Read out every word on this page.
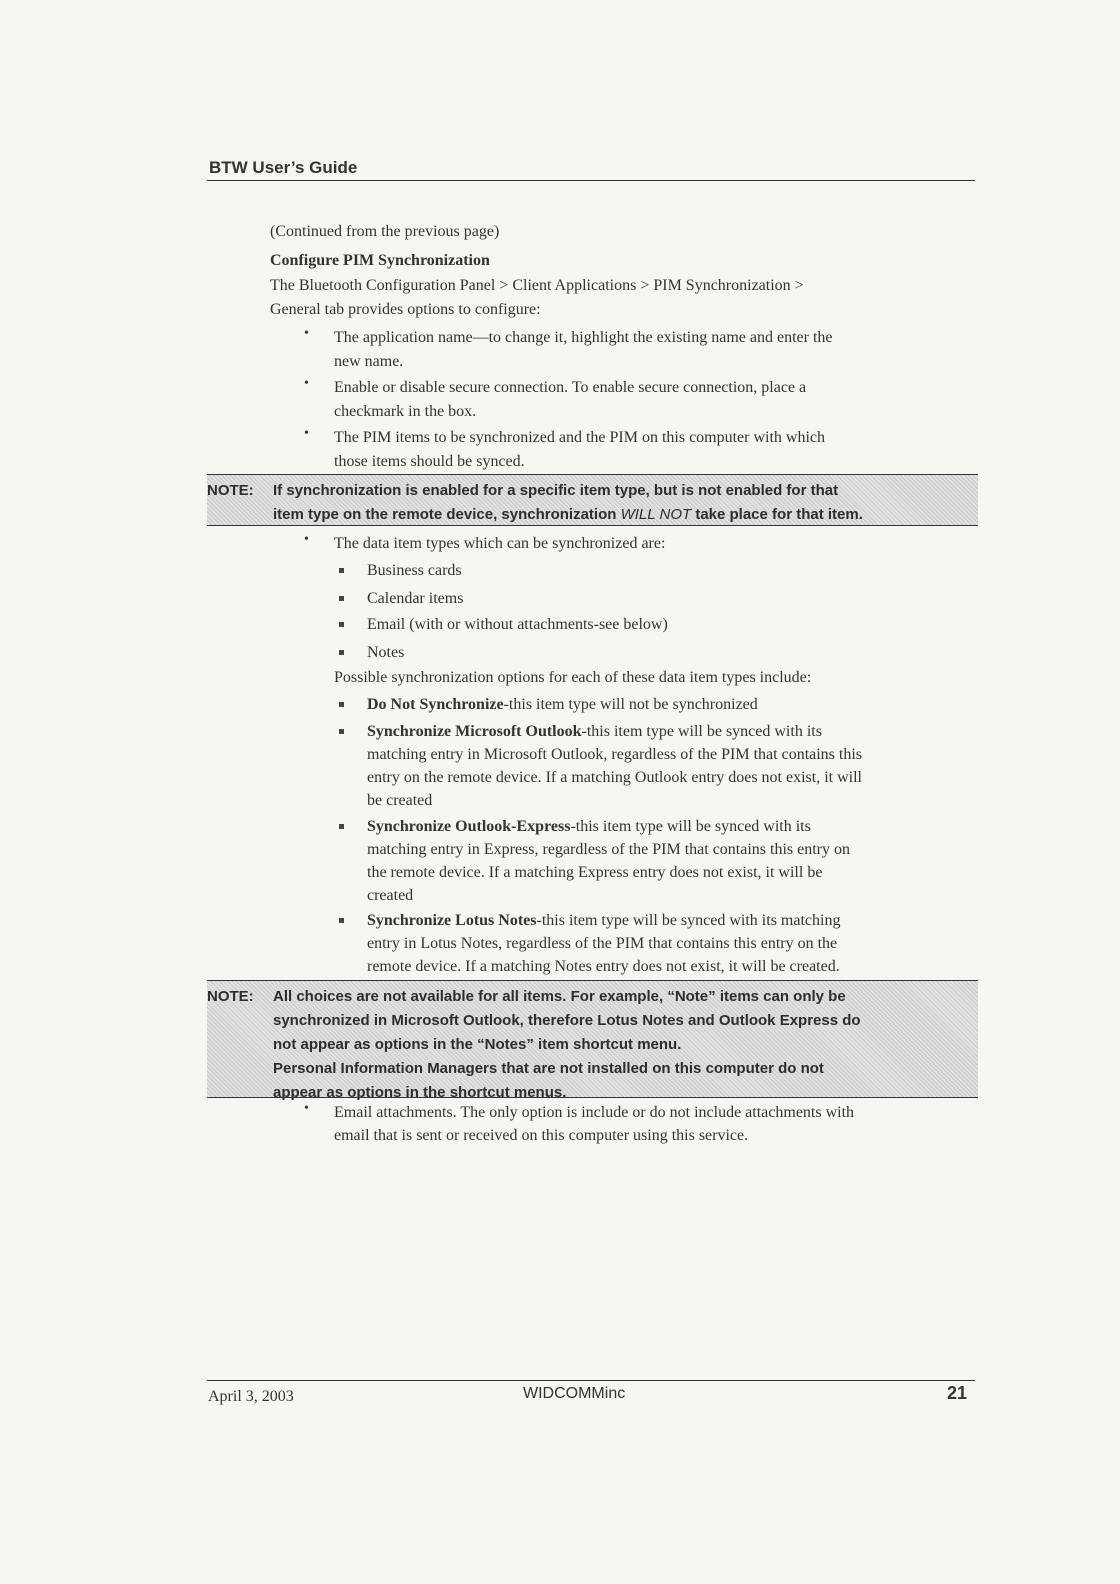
BTW User’s Guide
(Continued from the previous page)
Configure PIM Synchronization
The Bluetooth Configuration Panel > Client Applications > PIM Synchronization >
General tab provides options to configure:
• The application name—to change it, highlight the existing name and enter the
new name.
• Enable or disable secure connection. To enable secure connection, place a
checkmark in the box.
• The PIM items to be synchronized and the PIM on this computer with which
those items should be synced.
NOTE: If synchronization is enabled for a specific item type, but is not enabled for that

item type on the remote device, synchronization WILL NOT take place for that item.

• The data item types which can be synchronized are:
Business cards
Calendar items
Email (with or without attachments-see below)
Notes
Possible synchronization options for each of these data item types include:
Do Not Synchronize-this item type will not be synchronized
Synchronize Microsoft Outlook-this item type will be synced with its
matching entry in Microsoft Outlook, regardless of the PIM that contains this
entry on the remote device. If a matching Outlook entry does not exist, it will
be created
Synchronize Outlook-Express-this item type will be synced with its
matching entry in Express, regardless of the PIM that contains this entry on
the remote device. If a matching Express entry does not exist, it will be
created
Synchronize Lotus Notes-this item type will be synced with its matching
entry in Lotus Notes, regardless of the PIM that contains this entry on the
remote device. If a matching Notes entry does not exist, it will be created.
NOTE: All choices are not available for all items. For example, “Note” items can only be

synchronized in Microsoft Outlook, therefore Lotus Notes and Outlook Express do

not appear as options in the “Notes” item shortcut menu.

Personal Information Managers that are not installed on this computer do not

appear as options in the shortcut menus.

• Email attachments. The only option is include or do not include attachments with
email that is sent or received on this computer using this service.
April 3, 2003	WIDCOMMinc	21
